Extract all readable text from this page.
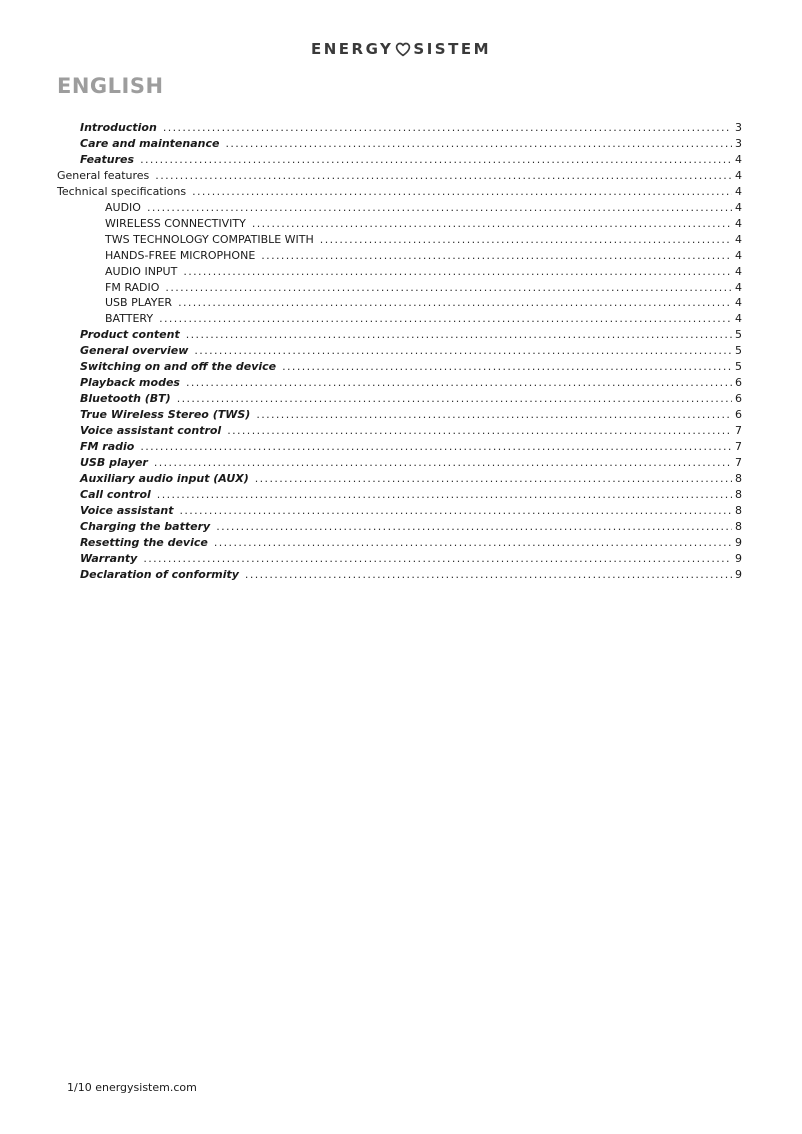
ENERGY SISTEM
ENGLISH
Introduction .....	3
Care and maintenance .....	3
Features .....	4
General features .....	4
Technical specifications .....	4
AUDIO .....	4
WIRELESS CONNECTIVITY .....	4
TWS TECHNOLOGY COMPATIBLE WITH .....	4
HANDS-FREE MICROPHONE .....	4
AUDIO INPUT .....	4
FM RADIO .....	4
USB PLAYER .....	4
BATTERY .....	4
Product content .....	5
General overview .....	5
Switching on and off the device .....	5
Playback modes .....	6
Bluetooth (BT) .....	6
True Wireless Stereo (TWS) .....	6
Voice assistant control .....	7
FM radio .....	7
USB player .....	7
Auxiliary audio input (AUX) .....	8
Call control .....	8
Voice assistant .....	8
Charging the battery .....	8
Resetting the device .....	9
Warranty .....	9
Declaration of conformity .....	9
1/10 energysistem.com
